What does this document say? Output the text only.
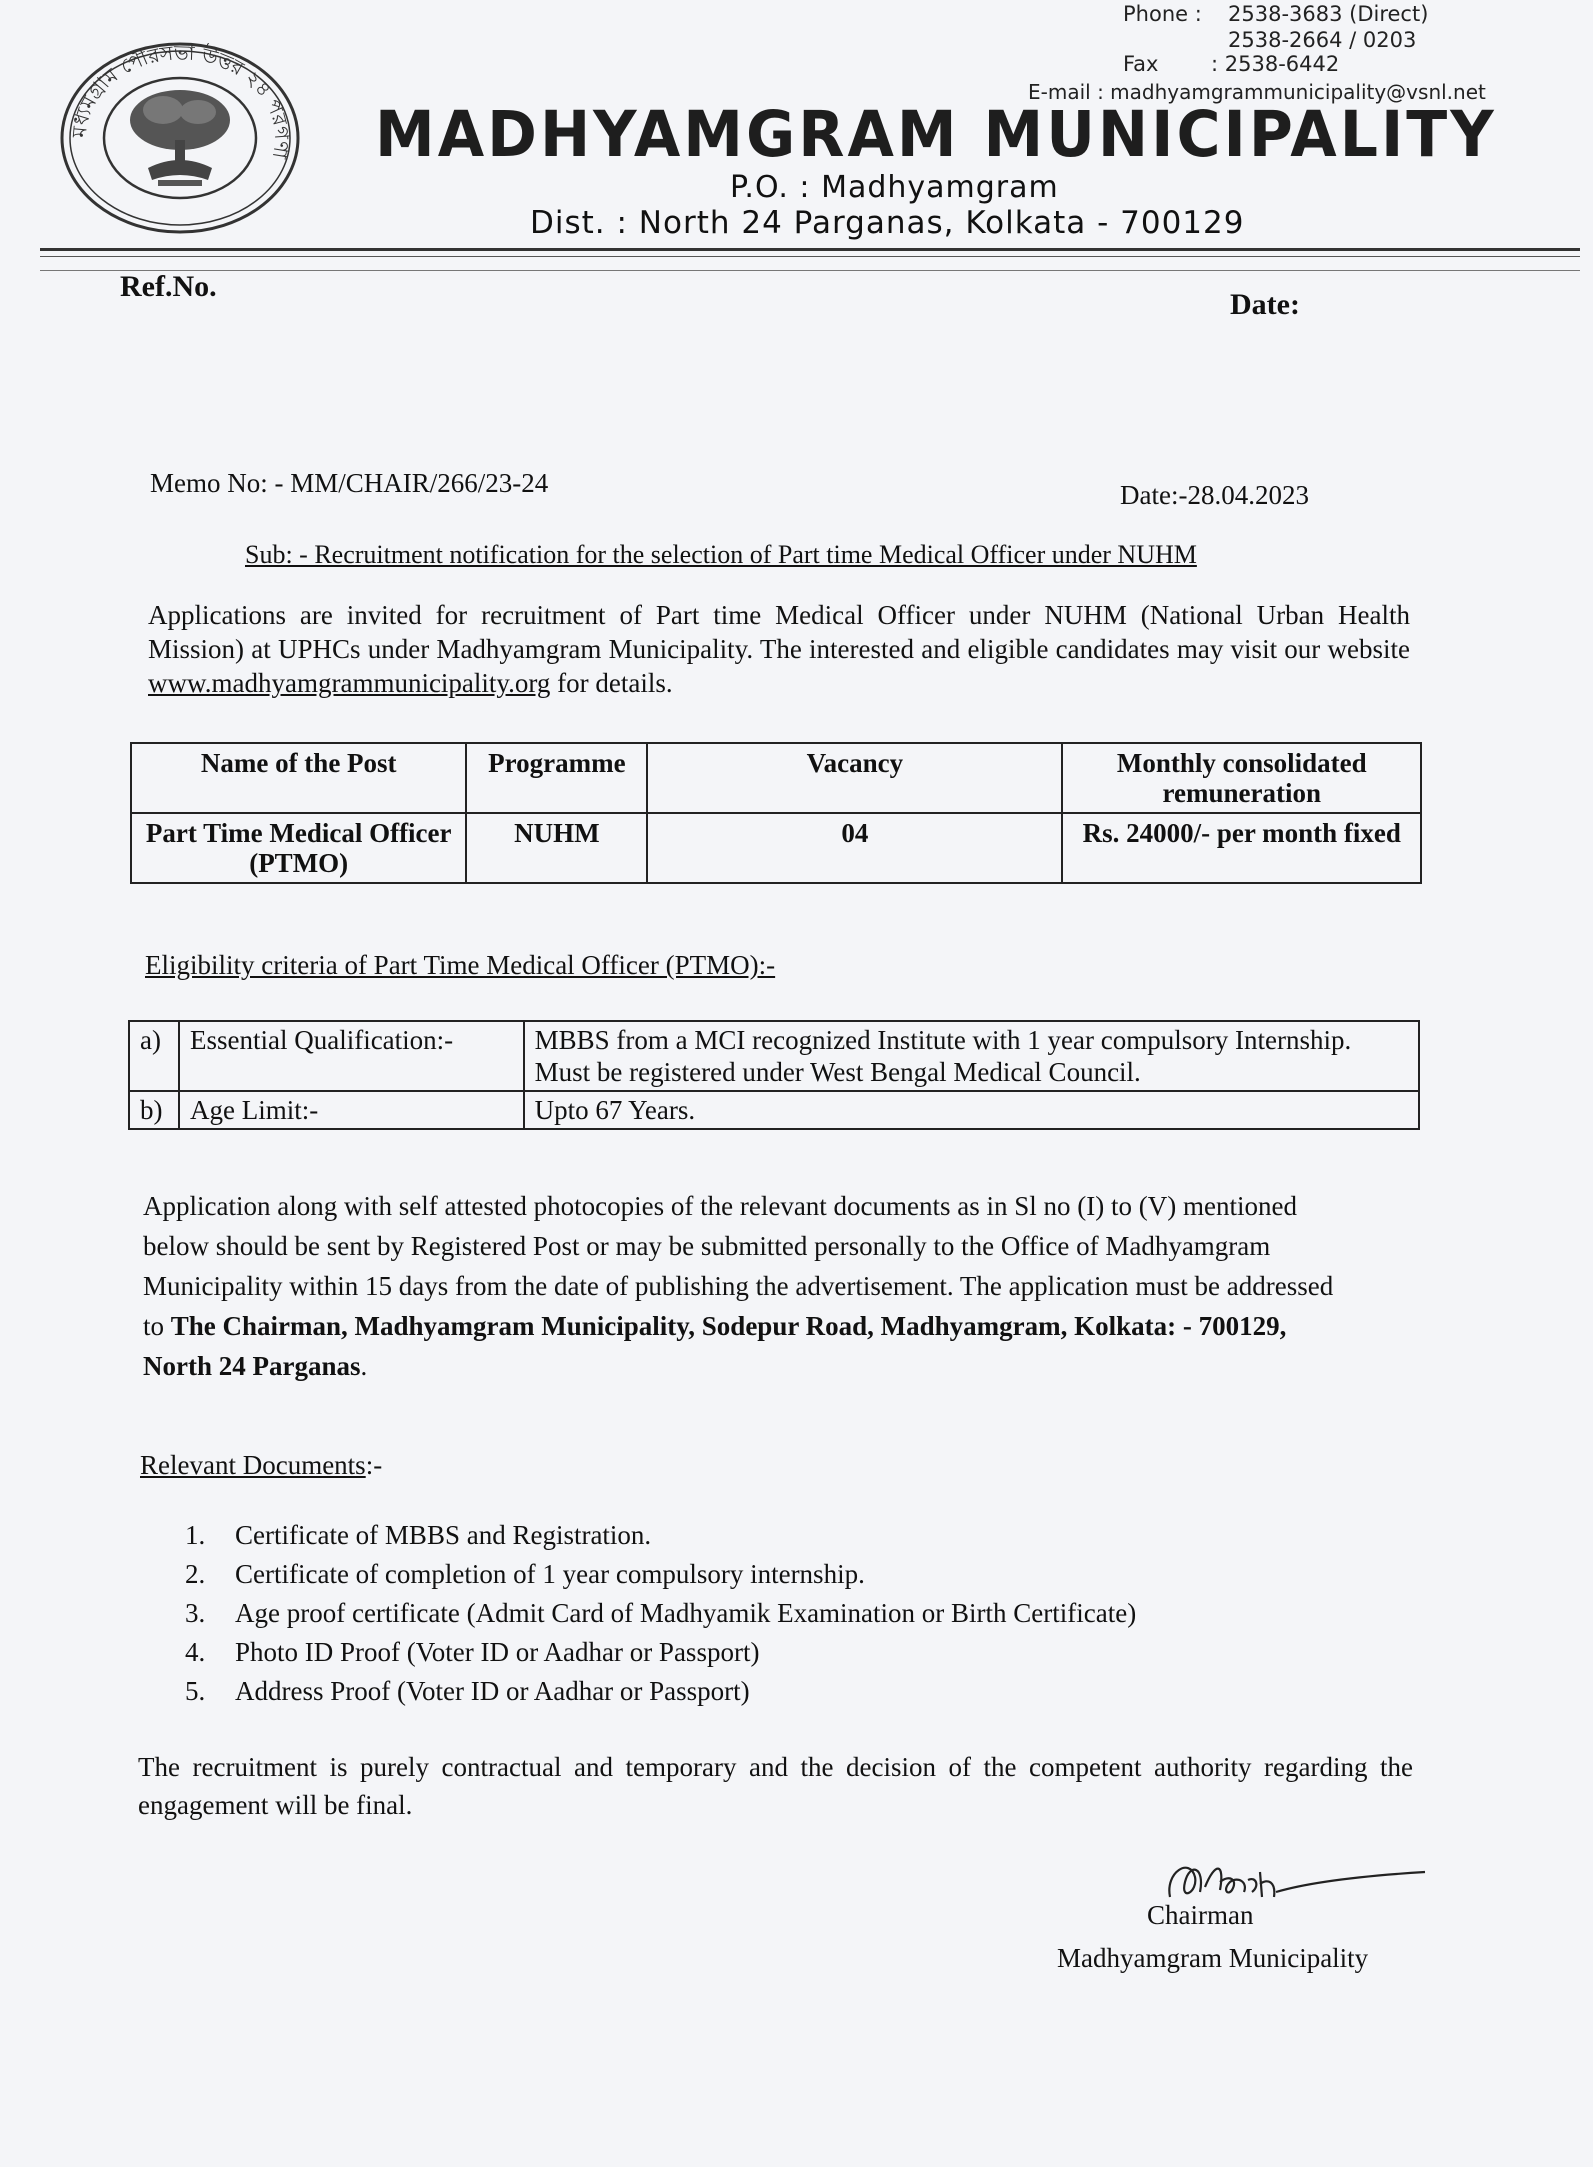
Phone : 2538-3683 (Direct)
2538-2664 / 0203
Fax	: 2538-6442
E-mail : madhyamgrammunicipality@vsnl.net
মধ্যমগ্রাম পৌরসভা উত্তর ২৪ পরগণা MADHYAMGRAM MUNICIPALITY
P.O. : Madhyamgram
Dist. : North 24 Parganas, Kolkata - 700129
Ref.No.
Date:
Memo No: - MM/CHAIR/266/23-24	Date:-28.04.2023
Sub: - Recruitment notification for the selection of Part time Medical Officer under NUHM
Applications are invited for recruitment of Part time Medical Officer under NUHM (National Urban Health Mission) at UPHCs under Madhyamgram Municipality. The interested and eligible candidates may visit our website www.madhyamgrammunicipality.org for details.
Name of the Post	Programme	Vacancy	Monthly consolidated remuneration
Part Time Medical Officer (PTMO)	NUHM	04	Rs. 24000/- per month fixed
Eligibility criteria of Part Time Medical Officer (PTMO):-
a)	Essential Qualification:-	MBBS from a MCI recognized Institute with 1 year compulsory Internship. Must be registered under West Bengal Medical Council.
b)	Age Limit:-	Upto 67 Years.
Application along with self attested photocopies of the relevant documents as in Sl no (I) to (V) mentioned below should be sent by Registered Post or may be submitted personally to the Office of Madhyamgram Municipality within 15 days from the date of publishing the advertisement. The application must be addressed to The Chairman, Madhyamgram Municipality, Sodepur Road, Madhyamgram, Kolkata: - 700129, North 24 Parganas.
Relevant Documents:-
1. Certificate of MBBS and Registration.
2. Certificate of completion of 1 year compulsory internship.
3. Age proof certificate (Admit Card of Madhyamik Examination or Birth Certificate)
4. Photo ID Proof (Voter ID or Aadhar or Passport)
5. Address Proof (Voter ID or Aadhar or Passport)
The recruitment is purely contractual and temporary and the decision of the competent authority regarding the engagement will be final.
Chairman
Madhyamgram Municipality
